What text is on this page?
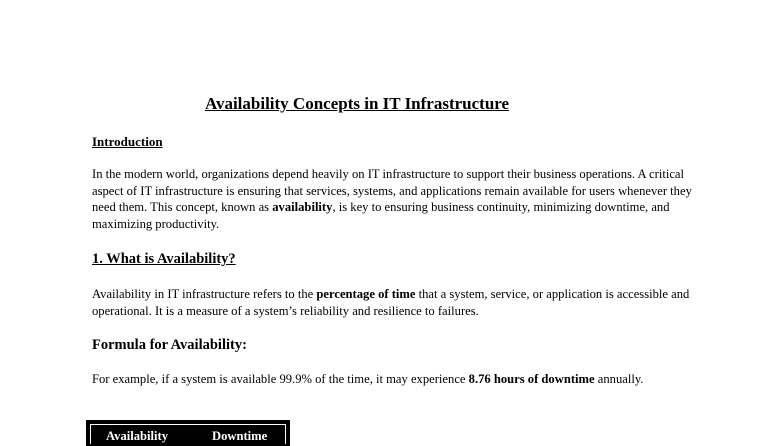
Availability Concepts in IT Infrastructure
Introduction

In the modern world, organizations depend heavily on IT infrastructure to support their business operations. A critical aspect of IT infrastructure is ensuring that services, systems, and applications remain available for users whenever they need them. This concept, known as availability, is key to ensuring business continuity, minimizing downtime, and maximizing productivity.

1. What is Availability?

Availability in IT infrastructure refers to the percentage of time that a system, service, or application is accessible and operational. It is a measure of a system’s reliability and resilience to failures.

Formula for Availability:

For example, if a system is available 99.9% of the time, it may experience 8.76 hours of downtime annually.

Availability	Downtime
